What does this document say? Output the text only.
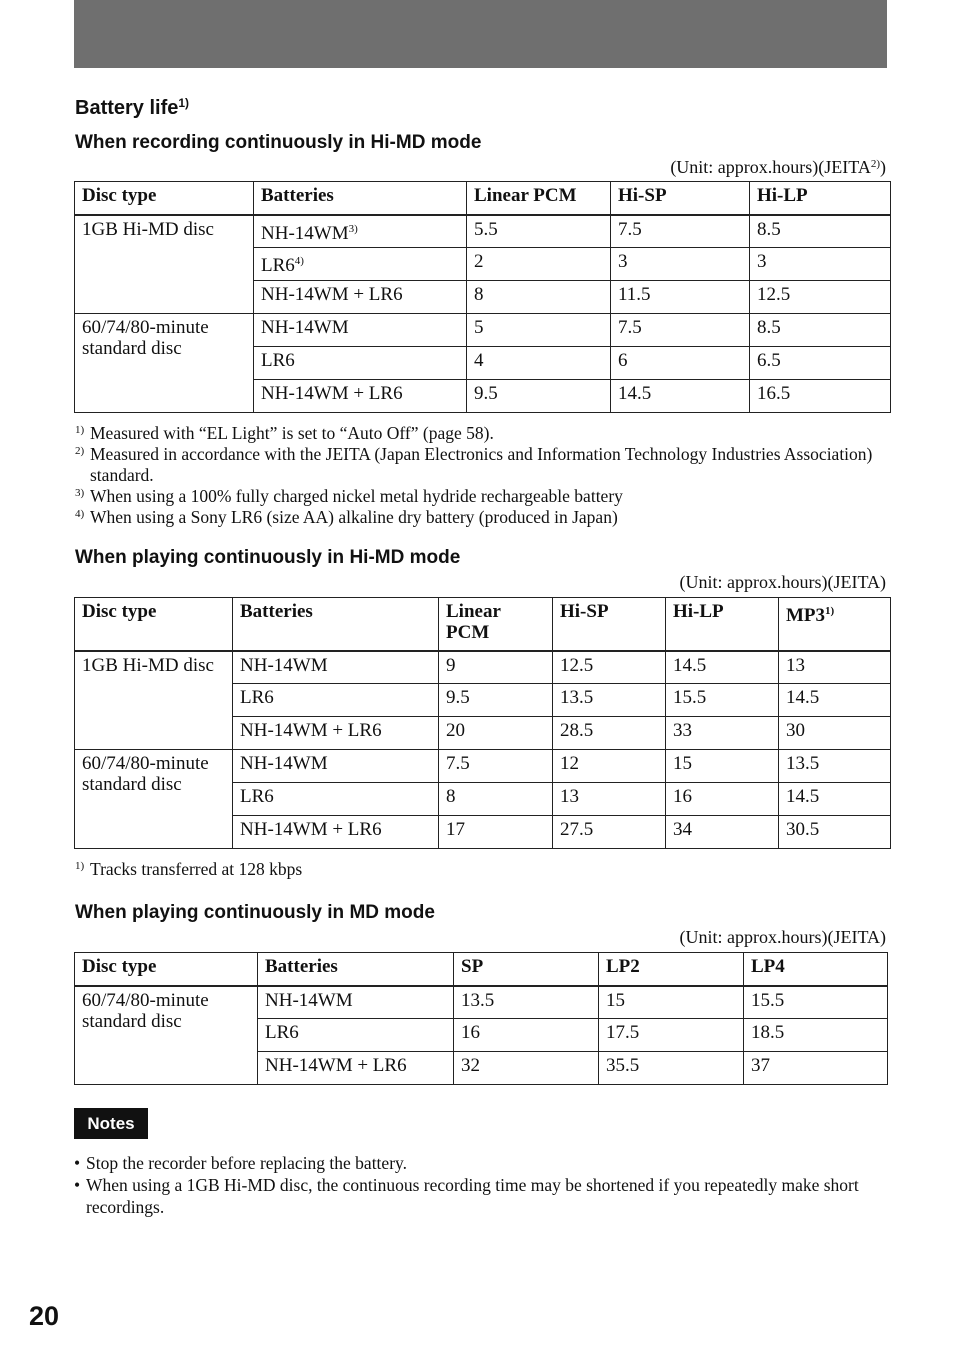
Battery life$^{1)}$
When recording continuously in Hi-MD mode
(Unit: approx.hours)(JEITA$^{2)}$)
Disc type	Batteries	Linear PCM	Hi-SP	Hi-LP
1GB Hi-MD disc	NH-14WM$^{3)}$	5.5	7.5	8.5
	LR6$^{4)}$	2	3	3
	NH-14WM + LR6	8	11.5	12.5
60/74/80-minute standard disc	NH-14WM	5	7.5	8.5
	LR6	4	6	6.5
	NH-14WM + LR6	9.5	14.5	16.5
1) Measured with “EL Light” is set to “Auto Off” (page 58).
2) Measured in accordance with the JEITA (Japan Electronics and Information Technology Industries Association) standard.
3) When using a 100% fully charged nickel metal hydride rechargeable battery
4) When using a Sony LR6 (size AA) alkaline dry battery (produced in Japan)
When playing continuously in Hi-MD mode
(Unit: approx.hours)(JEITA)
Disc type	Batteries	Linear PCM	Hi-SP	Hi-LP	MP3$^{1)}$
1GB Hi-MD disc	NH-14WM	9	12.5	14.5	13
	LR6	9.5	13.5	15.5	14.5
	NH-14WM + LR6	20	28.5	33	30
60/74/80-minute standard disc	NH-14WM	7.5	12	15	13.5
	LR6	8	13	16	14.5
	NH-14WM + LR6	17	27.5	34	30.5
1) Tracks transferred at 128 kbps
When playing continuously in MD mode
(Unit: approx.hours)(JEITA)
Disc type	Batteries	SP	LP2	LP4
60/74/80-minute standard disc	NH-14WM	13.5	15	15.5
	LR6	16	17.5	18.5
	NH-14WM + LR6	32	35.5	37
Notes
• Stop the recorder before replacing the battery.
• When using a 1GB Hi-MD disc, the continuous recording time may be shortened if you repeatedly make short recordings.
20
